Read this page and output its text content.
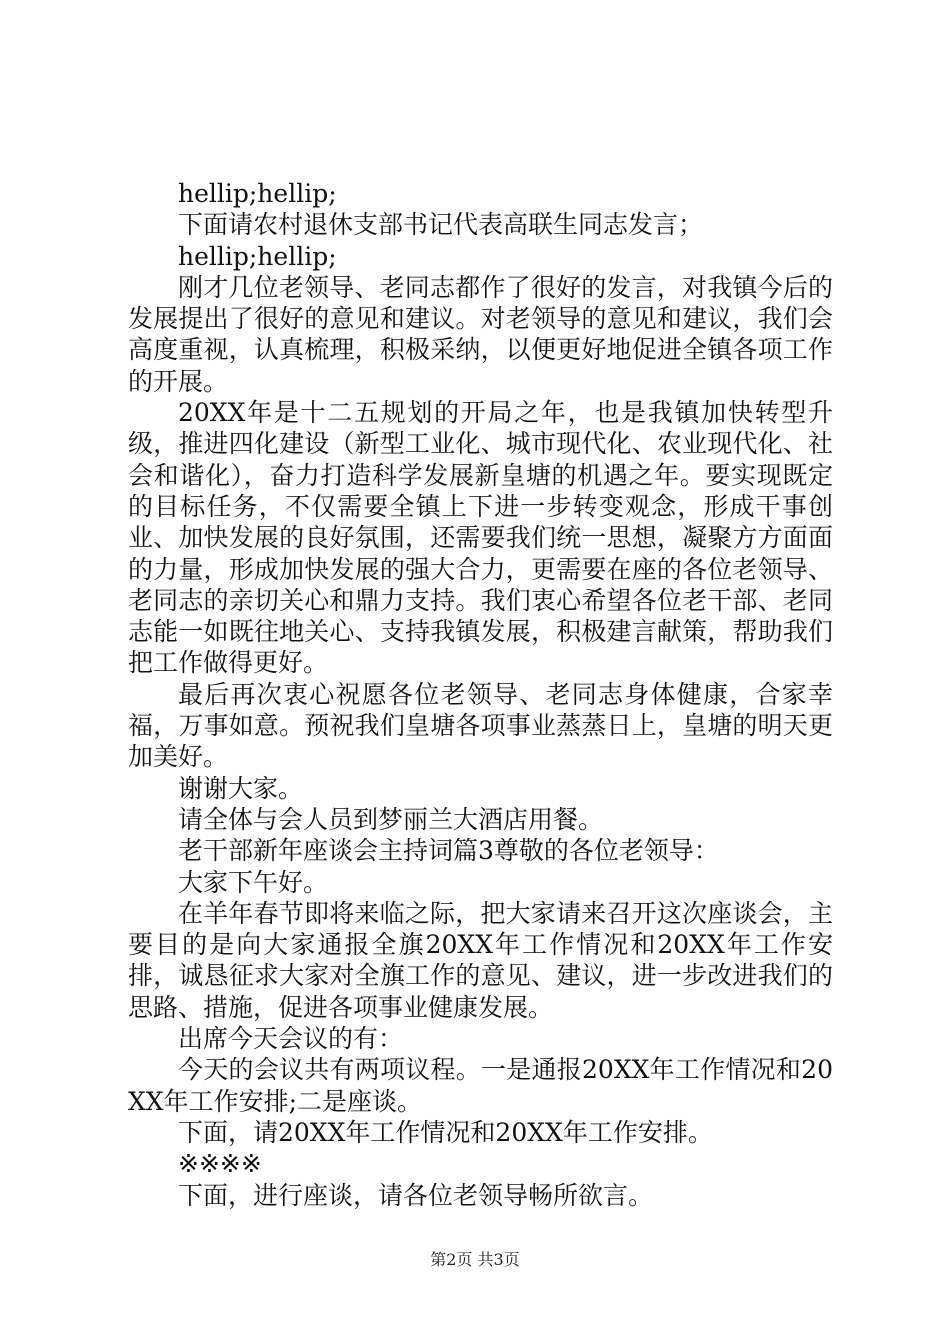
hellip;hellip;

下面请农村退休支部书记代表高联生同志发言；

hellip;hellip;

刚才几位老领导、老同志都作了很好的发言，对我镇今后的发展提出了很好的意见和建议。对老领导的意见和建议，我们会高度重视，认真梳理，积极采纳，以便更好地促进全镇各项工作的开展。

20XX年是十二五规划的开局之年，也是我镇加快转型升级，推进四化建设（新型工业化、城市现代化、农业现代化、社会和谐化），奋力打造科学发展新皇塘的机遇之年。要实现既定的目标任务，不仅需要全镇上下进一步转变观念，形成干事创业、加快发展的良好氛围，还需要我们统一思想，凝聚方方面面的力量，形成加快发展的强大合力，更需要在座的各位老领导、老同志的亲切关心和鼎力支持。我们衷心希望各位老干部、老同志能一如既往地关心、支持我镇发展，积极建言献策，帮助我们把工作做得更好。

最后再次衷心祝愿各位老领导、老同志身体健康，合家幸福，万事如意。预祝我们皇塘各项事业蒸蒸日上，皇塘的明天更加美好。

谢谢大家。

请全体与会人员到梦丽兰大酒店用餐。

老干部新年座谈会主持词篇3尊敬的各位老领导：

大家下午好。

在羊年春节即将来临之际，把大家请来召开这次座谈会，主要目的是向大家通报全旗20XX年工作情况和20XX年工作安排，诚恳征求大家对全旗工作的意见、建议，进一步改进我们的思路、措施，促进各项事业健康发展。

出席今天会议的有：

今天的会议共有两项议程。一是通报20XX年工作情况和20XX年工作安排;二是座谈。

下面，请20XX年工作情况和20XX年工作安排。

※※※※

下面，进行座谈，请各位老领导畅所欲言。

第2页 共3页
